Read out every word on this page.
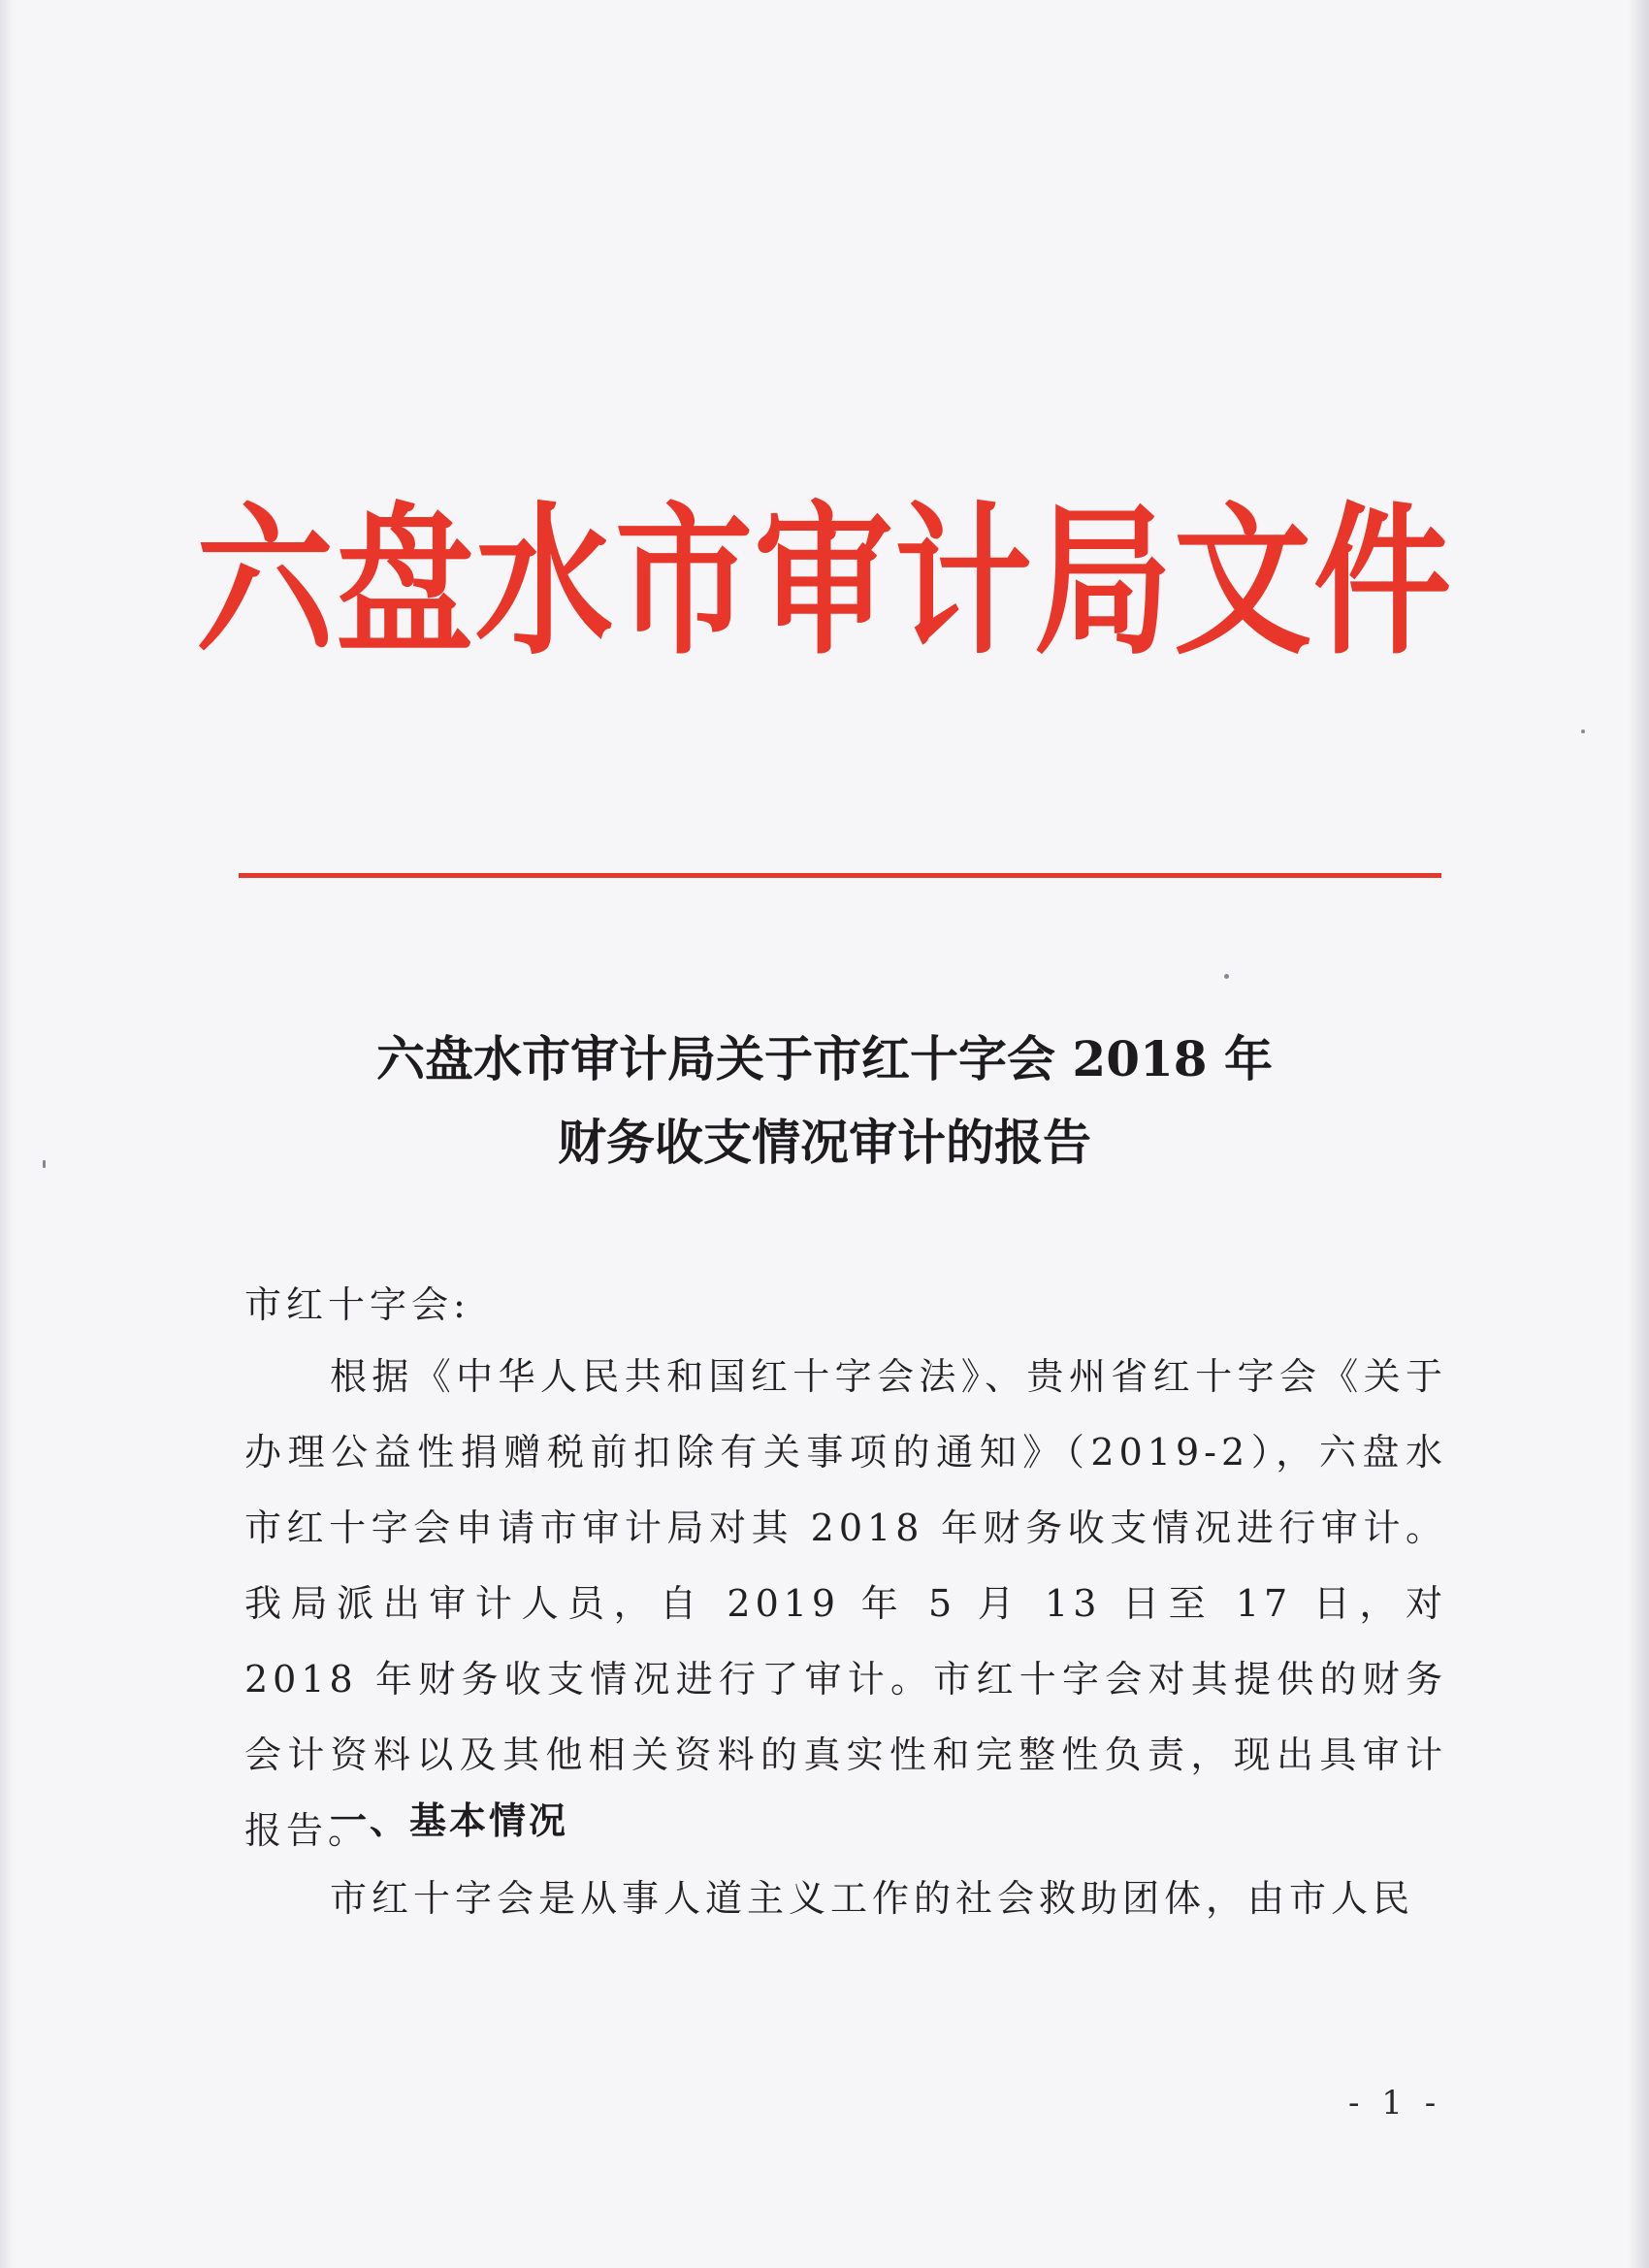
六盘水市审计局文件
六盘水市审计局关于市红十字会 2018 年
财务收支情况审计的报告
市红十字会:
根据《中华人民共和国红十字会法》、贵州省红十字会《关于办理公益性捐赠税前扣除有关事项的通知》（2019-2），六盘水市红十字会申请市审计局对其 2018 年财务收支情况进行审计。我局派出审计人员，自 2019 年 5 月 13 日至 17 日，对 2018 年财务收支情况进行了审计。市红十字会对其提供的财务会计资料以及其他相关资料的真实性和完整性负责，现出具审计报告。
一、基本情况
市红十字会是从事人道主义工作的社会救助团体，由市人民
- 1 -
